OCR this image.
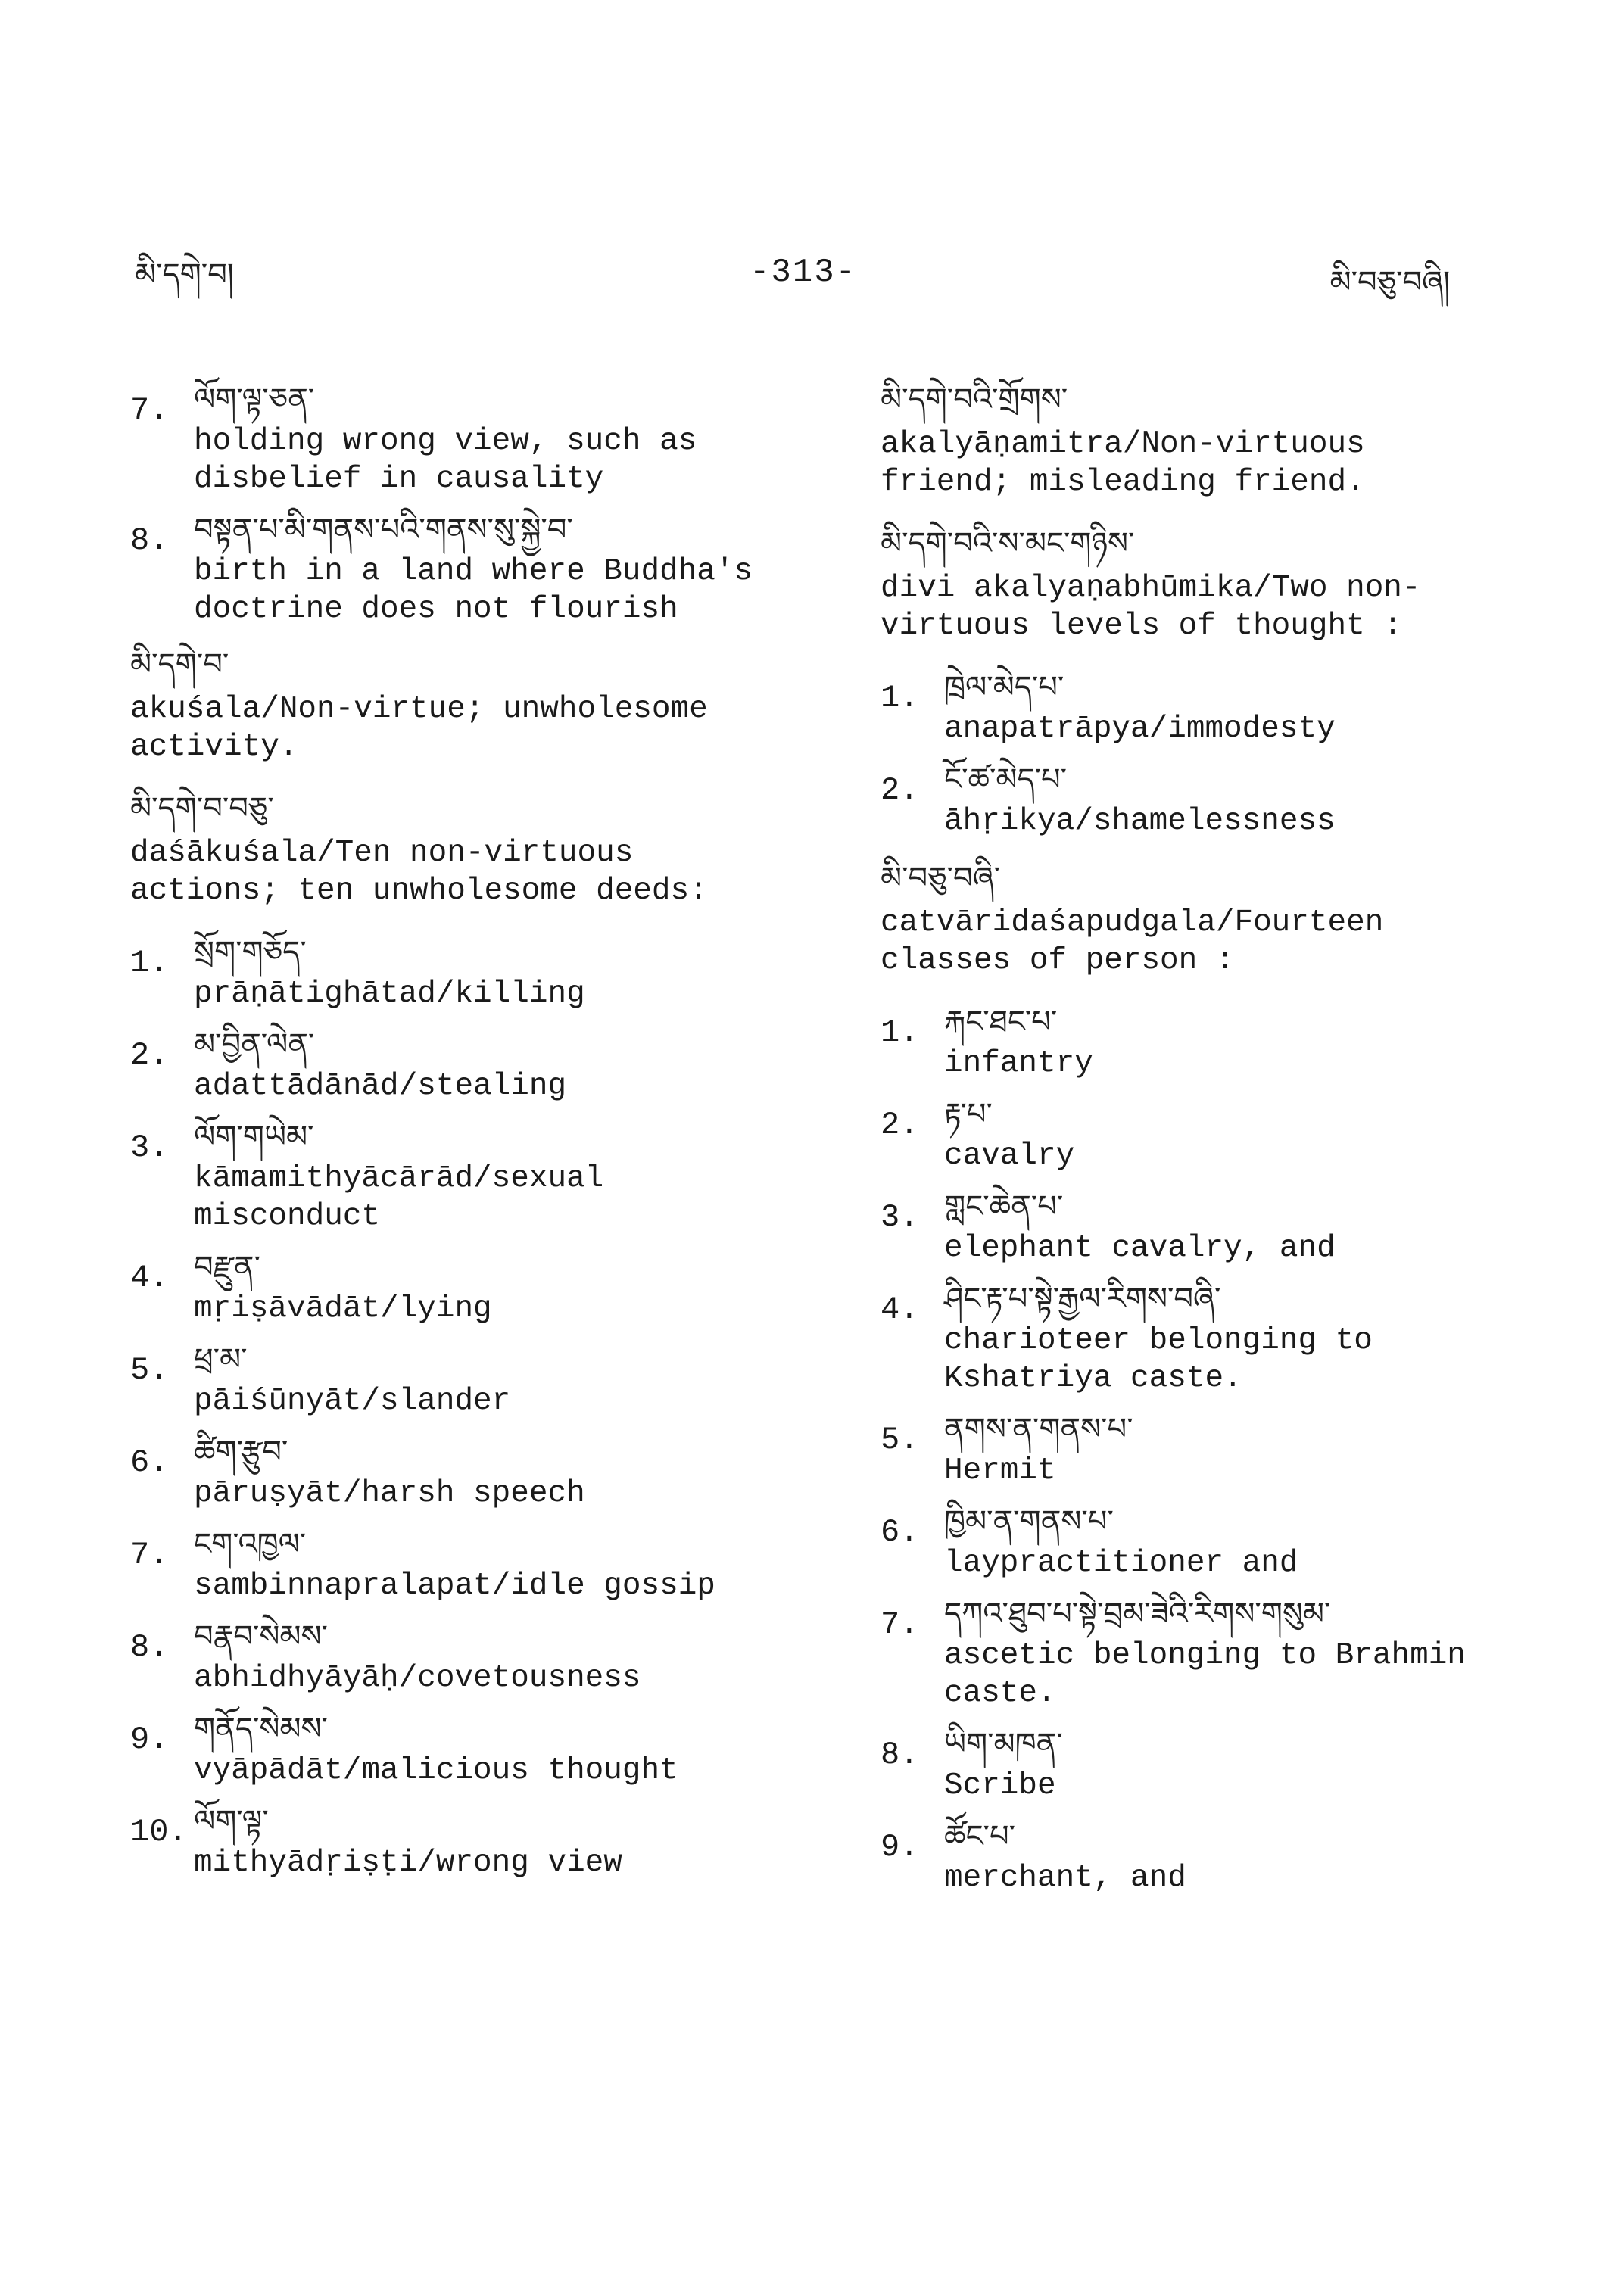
མི་དགེ་བ།	-313-	མི་བཅུ་བཞི།
7. ལོག་ལྟ་ཅན་
holding wrong view, such as
disbelief in causality
8. བསྟན་པ་མི་གནས་པའི་གནས་སུ་སྐྱེ་བ་
birth in a land where Buddha's
doctrine does not flourish
མི་དགེ་བ་
akuśala/Non-virtue; unwholesome
activity.
མི་དགེ་བ་བཅུ་
daśākuśala/Ten non-virtuous
actions; ten unwholesome deeds:
1. སྲོག་གཅོད་
prāṇātighātad/killing
2. མ་བྱིན་ལེན་
adattādānād/stealing
3. ལོག་གཡེམ་
kāmamithyācārād/sexual
misconduct
4. བརྫུན་
mṛiṣāvādāt/lying
5. ཕྲ་མ་
pāiśūnyāt/slander
6. ཚིག་རྩུབ་
pāruṣyāt/harsh speech
7. ངག་འཁྱལ་
sambinnapralapat/idle gossip
8. བརྣབ་སེམས་
abhidhyāyāḥ/covetousness
9. གནོད་སེམས་
vyāpādāt/malicious thought
10. ལོག་ལྟ་
mithyādṛiṣṭi/wrong view
མི་དགེ་བའི་གྲོགས་
akalyāṇamitra/Non-virtuous
friend; misleading friend.
མི་དགེ་བའི་ས་མང་གཉིས་
divi akalyaṇabhūmika/Two non-
virtuous levels of thought :
1. ཁྲེལ་མེད་པ་
anapatrāpya/immodesty
2. ངོ་ཚ་མེད་པ་
āhṛikya/shamelessness
མི་བཅུ་བཞི་
catvāridaśapudgala/Fourteen
classes of person :
1. རྐང་ཐང་པ་
infantry
2. རྟ་པ་
cavalry
3. གླང་ཆེན་པ་
elephant cavalry, and
4. ཤིང་རྟ་པ་སྟེ་རྒྱལ་རིགས་བཞི་
charioteer belonging to
Kshatriya caste.
5. ནགས་ན་གནས་པ་
Hermit
6. ཁྱིམ་ན་གནས་པ་
laypractitioner and
7. དཀའ་ཐུབ་པ་སྟེ་བྲམ་ཟེའི་རིགས་གསུམ་
ascetic belonging to Brahmin
caste.
8. ཡིག་མཁན་
Scribe
9. ཚོང་པ་
merchant, and
